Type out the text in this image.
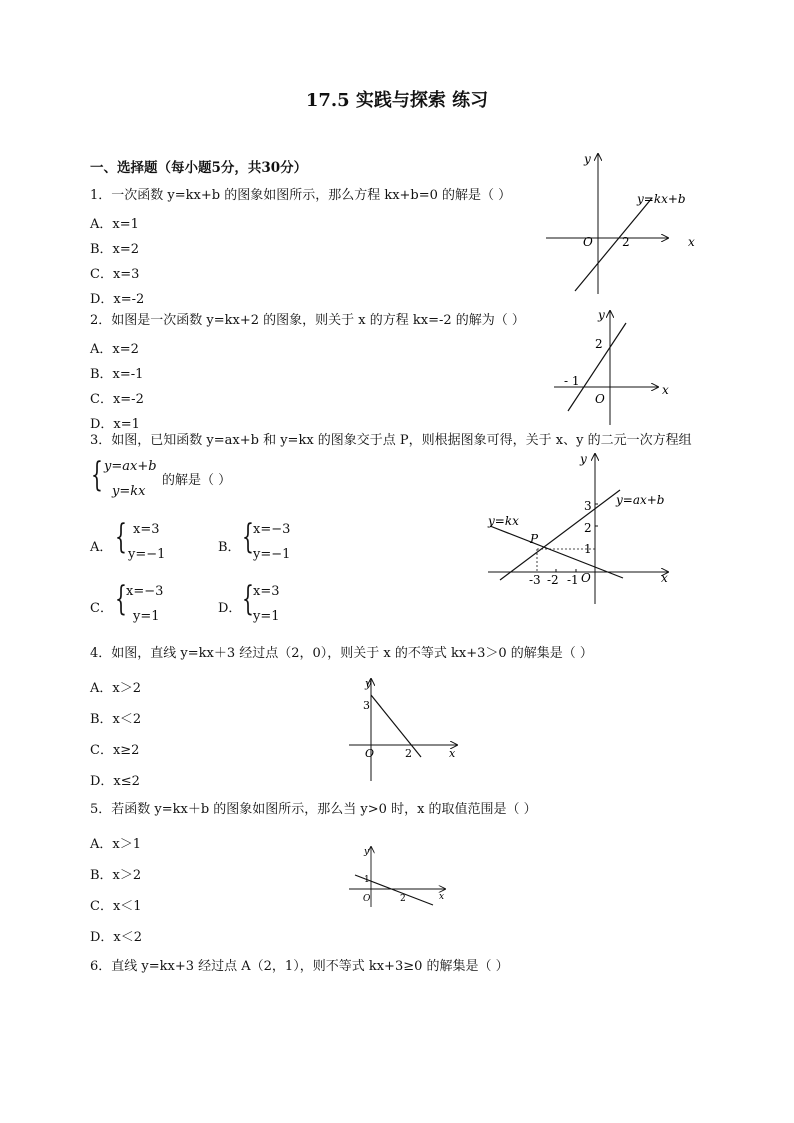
17.5 实践与探索 练习
一、选择题（每小题5分，共30分）
1．一次函数 y=kx+b 的图象如图所示，那么方程 kx+b=0 的解是（ ）
A．x=1
B．x=2
C．x=3
D．x=-2
y
x
O 2
y=kx+b
2．如图是一次函数 y=kx+2 的图象，则关于 x 的方程 kx=-2 的解为（ ）
A．x=2
B．x=-1
C．x=-2
D．x=1
y
x
O
2
- 1
3．如图，已知函数 y=ax+b 和 y=kx 的图象交于点 P，则根据图象可得，关于 x、y 的二元一次方程组
{ y=ax+b
y=kx
的解是（ ）
A． { x=3
y=−1	B． { x=−3
y=−1
C． { x=−3
y=1
D． { x=3
y=1
y
x
O
P
y=ax+b
y=kx
3
2
1
-3 -2 -1
4．如图，直线 y=kx＋3 经过点（2，0），则关于 x 的不等式 kx+3＞0 的解集是（ ）
A．x＞2
B．x＜2
C．x≥2
D．x≤2
y
x
O
3
2
5．若函数 y=kx＋b 的图象如图所示，那么当 y>0 时，x 的取值范围是（ ）
A．x＞1
B．x＞2
C．x＜1
D．x＜2
y
x
O
1
2
6．直线 y=kx+3 经过点 A（2，1），则不等式 kx+3≥0 的解集是（ ）
